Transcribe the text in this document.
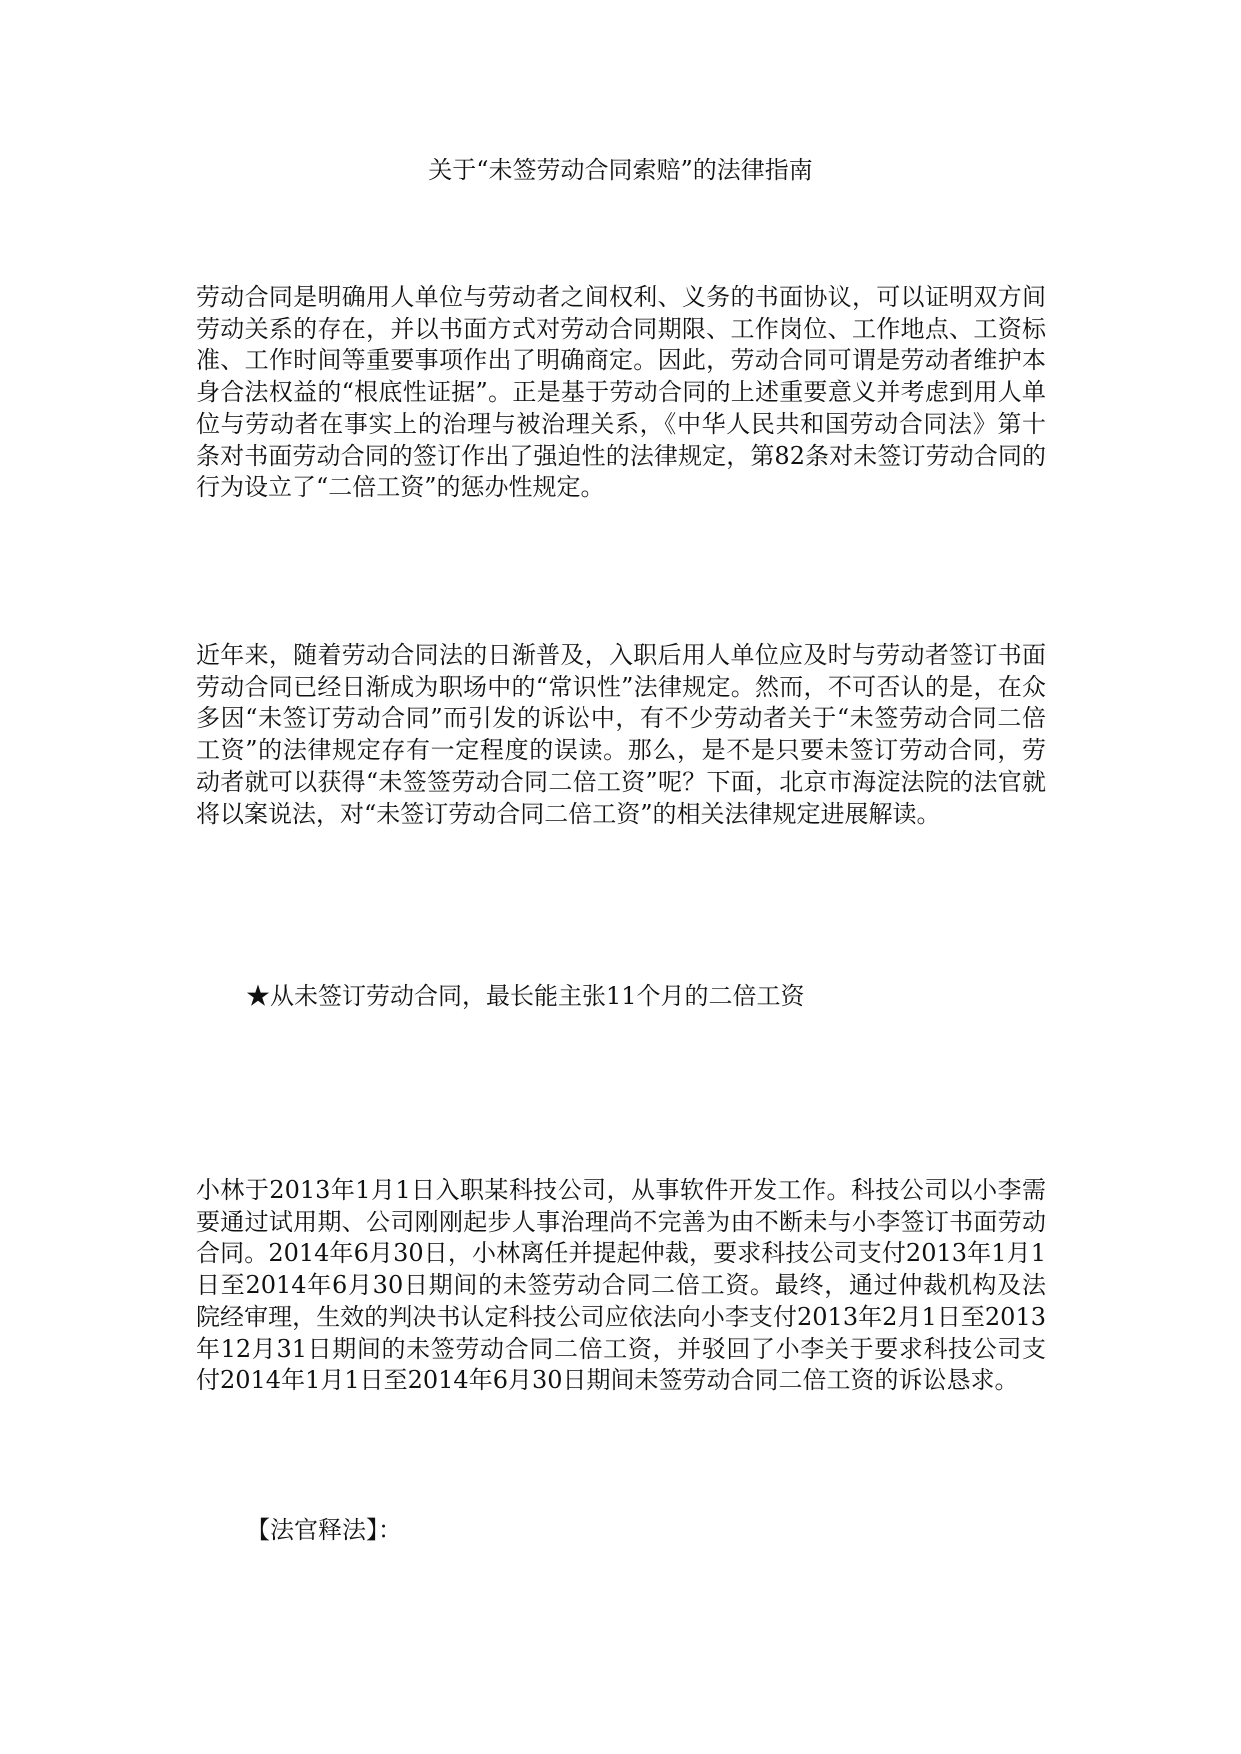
关于“未签劳动合同索赔”的法律指南
劳动合同是明确用人单位与劳动者之间权利、义务的书面协议，可以证明双方间劳动关系的存在，并以书面方式对劳动合同期限、工作岗位、工作地点、工资标准、工作时间等重要事项作出了明确商定。因此，劳动合同可谓是劳动者维护本身合法权益的“根底性证据”。正是基于劳动合同的上述重要意义并考虑到用人单位与劳动者在事实上的治理与被治理关系，《中华人民共和国劳动合同法》第十条对书面劳动合同的签订作出了强迫性的法律规定，第82条对未签订劳动合同的行为设立了“二倍工资”的惩办性规定。
近年来，随着劳动合同法的日渐普及，入职后用人单位应及时与劳动者签订书面劳动合同已经日渐成为职场中的“常识性”法律规定。然而，不可否认的是，在众多因“未签订劳动合同”而引发的诉讼中，有不少劳动者关于“未签劳动合同二倍工资”的法律规定存有一定程度的误读。那么，是不是只要未签订劳动合同，劳动者就可以获得“未签签劳动合同二倍工资”呢？下面，北京市海淀法院的法官就将以案说法，对“未签订劳动合同二倍工资”的相关法律规定进展解读。
★从未签订劳动合同，最长能主张11个月的二倍工资
小林于2013年1月1日入职某科技公司，从事软件开发工作。科技公司以小李需要通过试用期、公司刚刚起步人事治理尚不完善为由不断未与小李签订书面劳动合同。2014年6月30日，小林离任并提起仲裁，要求科技公司支付2013年1月1日至2014年6月30日期间的未签劳动合同二倍工资。最终，通过仲裁机构及法院经审理，生效的判决书认定科技公司应依法向小李支付2013年2月1日至2013年12月31日期间的未签劳动合同二倍工资，并驳回了小李关于要求科技公司支付2014年1月1日至2014年6月30日期间未签劳动合同二倍工资的诉讼恳求。
【法官释法】：
